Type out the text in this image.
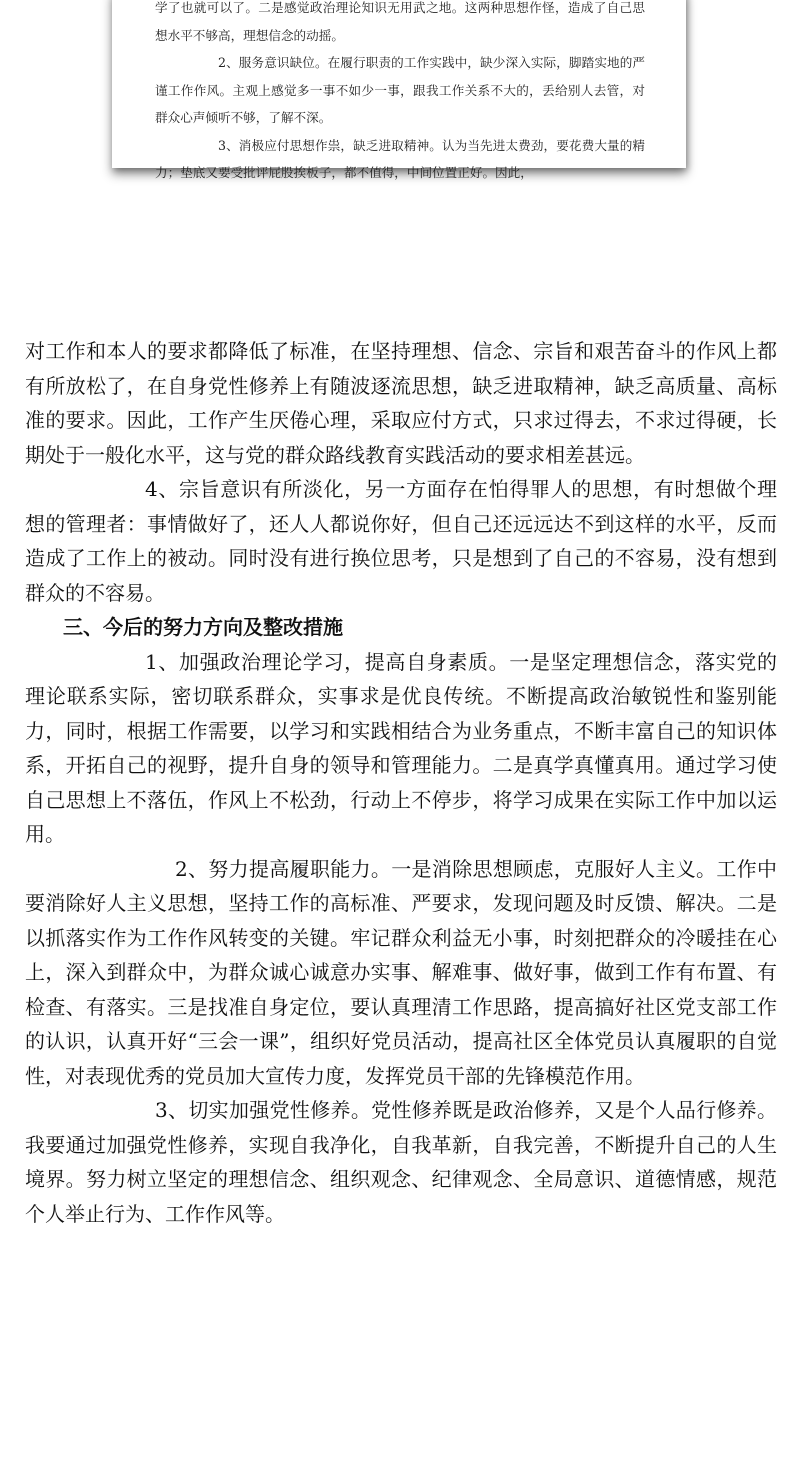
学了也就可以了。二是感觉政治理论知识无用武之地。这两种思想作怪，造成了自己思想水平不够高，理想信念的动摇。

2、服务意识缺位。在履行职责的工作实践中，缺少深入实际，脚踏实地的严谨工作作风。主观上感觉多一事不如少一事，跟我工作关系不大的，丢给别人去管，对群众心声倾听不够，了解不深。

3、消极应付思想作祟，缺乏进取精神。认为当先进太费劲，要花费大量的精力；垫底又要受批评屁股挨板子，都不值得，中间位置正好。因此，

对工作和本人的要求都降低了标准，在坚持理想、信念、宗旨和艰苦奋斗的作风上都有所放松了，在自身党性修养上有随波逐流思想，缺乏进取精神，缺乏高质量、高标准的要求。因此，工作产生厌倦心理，采取应付方式，只求过得去，不求过得硬，长期处于一般化水平，这与党的群众路线教育实践活动的要求相差甚远。

4、宗旨意识有所淡化，另一方面存在怕得罪人的思想，有时想做个理想的管理者：事情做好了，还人人都说你好，但自己还远远达不到这样的水平，反而造成了工作上的被动。同时没有进行换位思考，只是想到了自己的不容易，没有想到群众的不容易。

三、今后的努力方向及整改措施

1、加强政治理论学习，提高自身素质。一是坚定理想信念，落实党的理论联系实际，密切联系群众，实事求是优良传统。不断提高政治敏锐性和鉴别能力，同时，根据工作需要，以学习和实践相结合为业务重点，不断丰富自己的知识体系，开拓自己的视野，提升自身的领导和管理能力。二是真学真懂真用。通过学习使自己思想上不落伍，作风上不松劲，行动上不停步，将学习成果在实际工作中加以运用。

2、努力提高履职能力。一是消除思想顾虑，克服好人主义。工作中要消除好人主义思想，坚持工作的高标准、严要求，发现问题及时反馈、解决。二是以抓落实作为工作作风转变的关键。牢记群众利益无小事，时刻把群众的冷暖挂在心上，深入到群众中，为群众诚心诚意办实事、解难事、做好事，做到工作有布置、有检查、有落实。三是找准自身定位，要认真理清工作思路，提高搞好社区党支部工作的认识，认真开好“三会一课”，组织好党员活动，提高社区全体党员认真履职的自觉性，对表现优秀的党员加大宣传力度，发挥党员干部的先锋模范作用。

3、切实加强党性修养。党性修养既是政治修养，又是个人品行修养。我要通过加强党性修养，实现自我净化，自我革新，自我完善，不断提升自己的人生境界。努力树立坚定的理想信念、组织观念、纪律观念、全局意识、道德情感，规范个人举止行为、工作作风等。
